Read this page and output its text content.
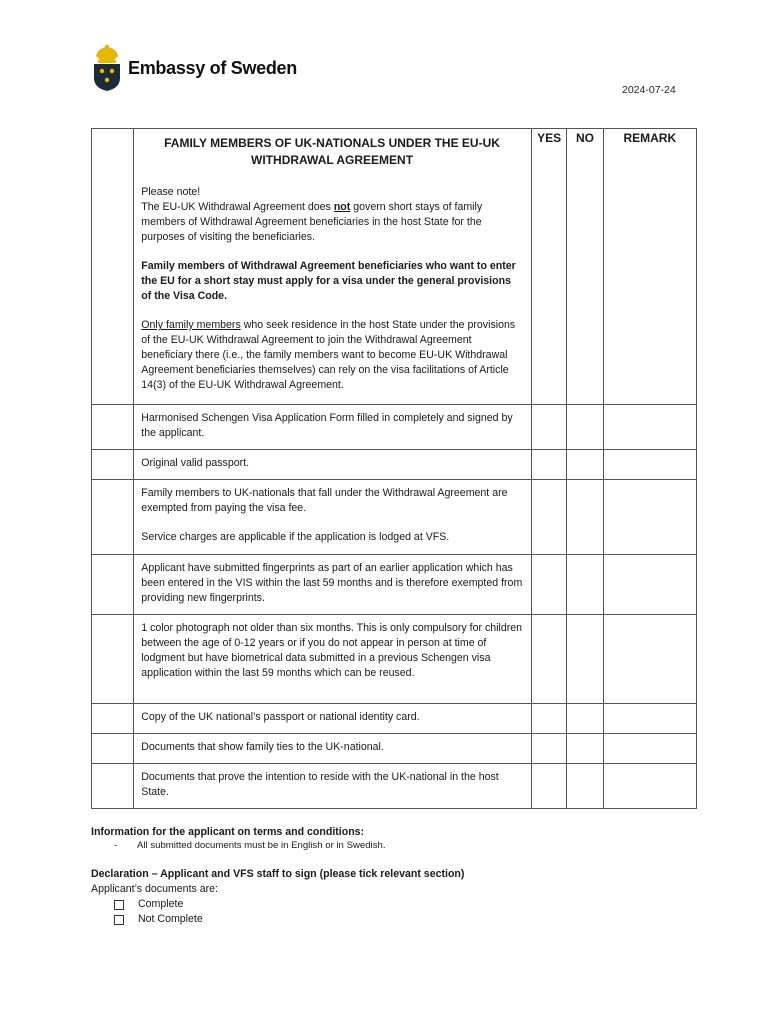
Embassy of Sweden
2024-07-24

	FAMILY MEMBERS OF UK-NATIONALS UNDER THE EU-UK WITHDRAWAL AGREEMENT

Please note!
The EU-UK Withdrawal Agreement does not govern short stays of family members of Withdrawal Agreement beneficiaries in the host State for the purposes of visiting the beneficiaries.

Family members of Withdrawal Agreement beneficiaries who want to enter the EU for a short stay must apply for a visa under the general provisions of the Visa Code.

Only family members who seek residence in the host State under the provisions of the EU-UK Withdrawal Agreement to join the Withdrawal Agreement beneficiary there (i.e., the family members want to become EU-UK Withdrawal Agreement beneficiaries themselves) can rely on the visa facilitations of Article 14(3) of the EU-UK Withdrawal Agreement.	YES	NO	REMARK

	Harmonised Schengen Visa Application Form filled in completely and signed by the applicant.			

	Original valid passport.			

	Family members to UK-nationals that fall under the Withdrawal Agreement are exempted from paying the visa fee.

Service charges are applicable if the application is lodged at VFS.			

	Applicant have submitted fingerprints as part of an earlier application which has been entered in the VIS within the last 59 months and is therefore exempted from providing new fingerprints.			

	1 color photograph not older than six months. This is only compulsory for children between the age of 0-12 years or if you do not appear in person at time of lodgment but have biometrical data submitted in a previous Schengen visa application within the last 59 months which can be reused.			

	Copy of the UK national’s passport or national identity card.			

	Documents that show family ties to the UK-national.			

	Documents that prove the intention to reside with the UK-national in the host State.			

Information for the applicant on terms and conditions:
-	All submitted documents must be in English or in Swedish.
Declaration – Applicant and VFS staff to sign (please tick relevant section)
Applicant’s documents are:
Complete
Not Complete
